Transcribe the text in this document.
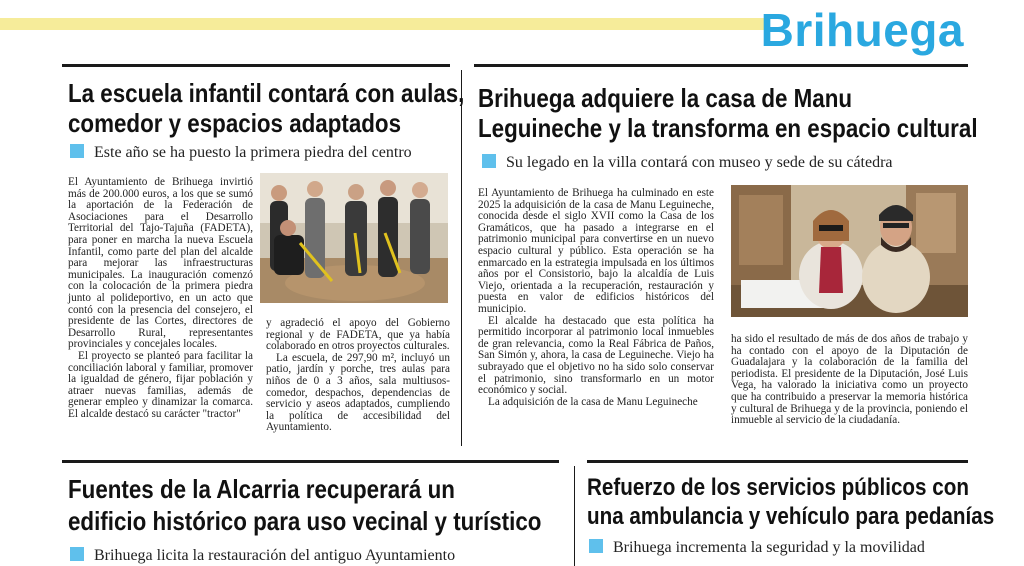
Brihuega
La escuela infantil contará con aulas,
comedor y espacios adaptados
Este año se ha puesto la primera piedra del centro

El Ayuntamiento de Brihuega invirtió más de 200.000 euros, a los que se sumó la aportación de la Federación de Asociaciones para el Desarrollo Territorial del Tajo-Tajuña (FADETA), para poner en marcha la nueva Escuela Infantil, como parte del plan del alcalde para mejorar las infraestructuras municipales. La inauguración comenzó con la colocación de la primera piedra junto al polideportivo, en un acto que contó con la presencia del consejero, el presidente de las Cortes, directores de Desarrollo Rural, representantes provinciales y concejales locales.

El proyecto se planteó para facilitar la conciliación laboral y familiar, promover la igualdad de género, fijar población y atraer nuevas familias, además de generar empleo y dinamizar la comarca. El alcalde destacó su carácter "tractor"

y agradeció el apoyo del Gobierno regional y de FADETA, que ya había colaborado en otros proyectos culturales.

La escuela, de 297,90 m², incluyó un patio, jardín y porche, tres aulas para niños de 0 a 3 años, sala multiusos-comedor, despachos, dependencias de servicio y aseos adaptados, cumpliendo la política de accesibilidad del Ayuntamiento.

Brihuega adquiere la casa de Manu
Leguineche y la transforma en espacio cultural
Su legado en la villa contará con museo y sede de su cátedra

El Ayuntamiento de Brihuega ha culminado en este 2025 la adquisición de la casa de Manu Leguineche, conocida desde el siglo XVII como la Casa de los Gramáticos, que ha pasado a integrarse en el patrimonio municipal para convertirse en un nuevo espacio cultural y público. Esta operación se ha enmarcado en la estrategia impulsada en los últimos años por el Consistorio, bajo la alcaldía de Luis Viejo, orientada a la recuperación, restauración y puesta en valor de edificios históricos del municipio.

El alcalde ha destacado que esta política ha permitido incorporar al patrimonio local inmuebles de gran relevancia, como la Real Fábrica de Paños, San Simón y, ahora, la casa de Leguineche. Viejo ha subrayado que el objetivo no ha sido solo conservar el patrimonio, sino transformarlo en un motor económico y social.

La adquisición de la casa de Manu Leguineche

ha sido el resultado de más de dos años de trabajo y ha contado con el apoyo de la Diputación de Guadalajara y la colaboración de la familia del periodista. El presidente de la Diputación, José Luis Vega, ha valorado la iniciativa como un proyecto que ha contribuido a preservar la memoria histórica y cultural de Brihuega y de la provincia, poniendo el inmueble al servicio de la ciudadanía.

Fuentes de la Alcarria recuperará un
edificio histórico para uso vecinal y turístico
Brihuega licita la restauración del antiguo Ayuntamiento
Refuerzo de los servicios públicos con
una ambulancia y vehículo para pedanías
Brihuega incrementa la seguridad y la movilidad
